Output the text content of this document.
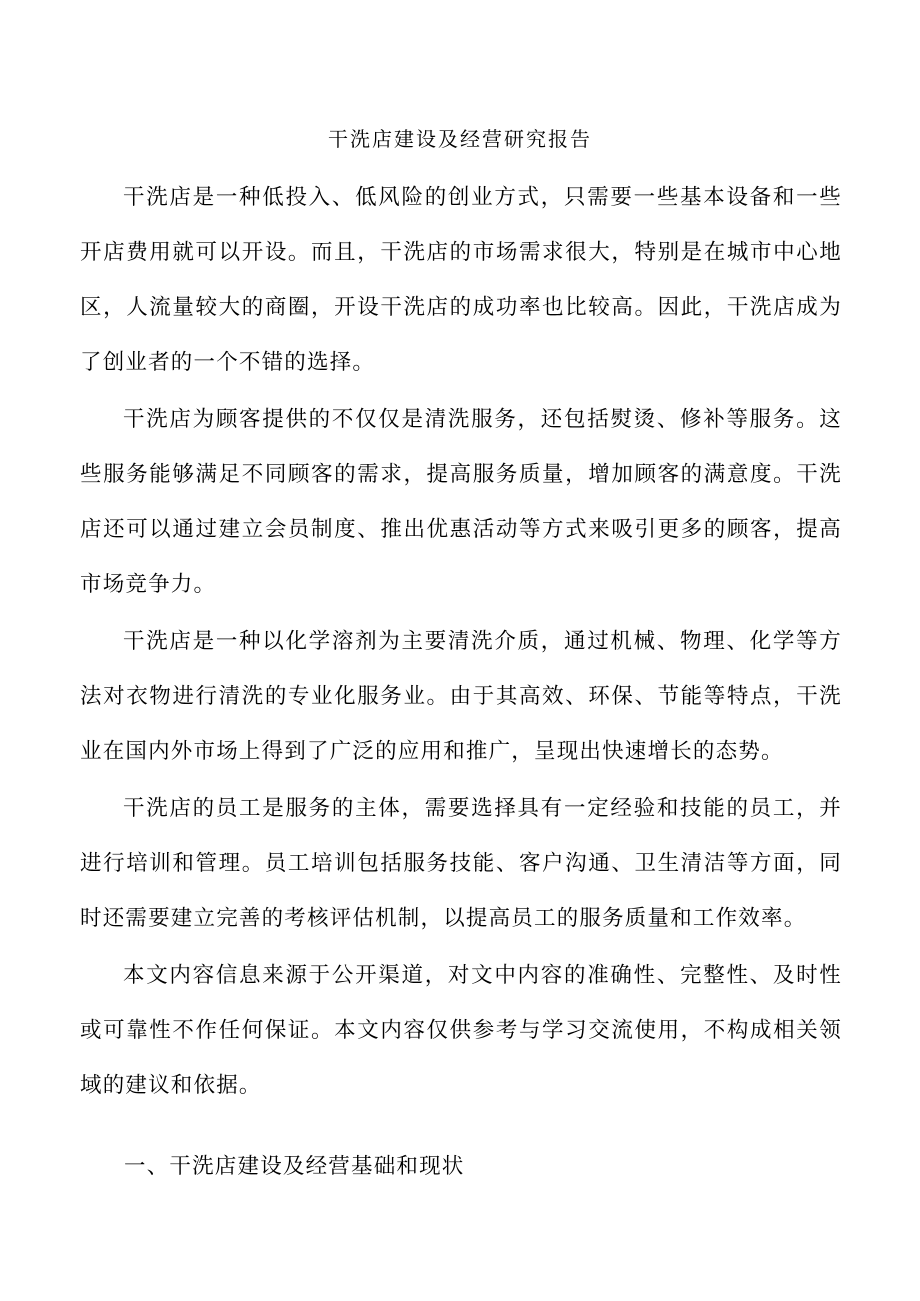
干洗店建设及经营研究报告

干洗店是一种低投入、低风险的创业方式，只需要一些基本设备和一些开店费用就可以开设。而且，干洗店的市场需求很大，特别是在城市中心地区，人流量较大的商圈，开设干洗店的成功率也比较高。因此，干洗店成为了创业者的一个不错的选择。

干洗店为顾客提供的不仅仅是清洗服务，还包括熨烫、修补等服务。这些服务能够满足不同顾客的需求，提高服务质量，增加顾客的满意度。干洗店还可以通过建立会员制度、推出优惠活动等方式来吸引更多的顾客，提高市场竞争力。

干洗店是一种以化学溶剂为主要清洗介质，通过机械、物理、化学等方法对衣物进行清洗的专业化服务业。由于其高效、环保、节能等特点，干洗业在国内外市场上得到了广泛的应用和推广，呈现出快速增长的态势。

干洗店的员工是服务的主体，需要选择具有一定经验和技能的员工，并进行培训和管理。员工培训包括服务技能、客户沟通、卫生清洁等方面，同时还需要建立完善的考核评估机制，以提高员工的服务质量和工作效率。

本文内容信息来源于公开渠道，对文中内容的准确性、完整性、及时性或可靠性不作任何保证。本文内容仅供参考与学习交流使用，不构成相关领域的建议和依据。

一、干洗店建设及经营基础和现状
